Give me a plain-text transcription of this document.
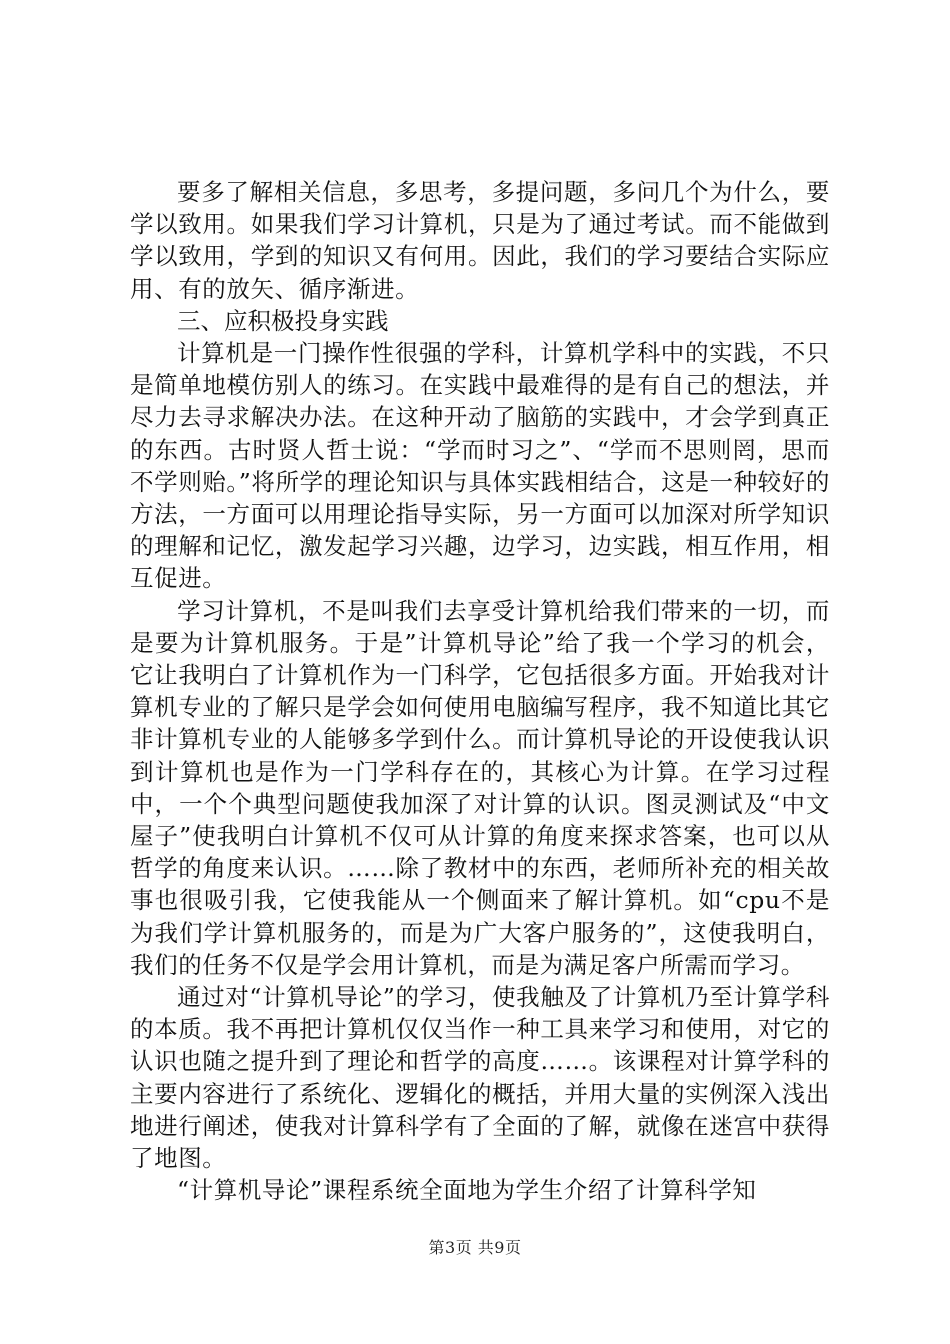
要多了解相关信息，多思考，多提问题，多问几个为什么，要学以致用。如果我们学习计算机，只是为了通过考试。而不能做到学以致用，学到的知识又有何用。因此，我们的学习要结合实际应用、有的放矢、循序渐进。

三、应积极投身实践

计算机是一门操作性很强的学科，计算机学科中的实践，不只是简单地模仿别人的练习。在实践中最难得的是有自己的想法，并尽力去寻求解决办法。在这种开动了脑筋的实践中，才会学到真正的东西。古时贤人哲士说：“学而时习之”、“学而不思则罔，思而不学则贻。”将所学的理论知识与具体实践相结合，这是一种较好的方法，一方面可以用理论指导实际，另一方面可以加深对所学知识的理解和记忆，激发起学习兴趣，边学习，边实践，相互作用，相互促进。

学习计算机，不是叫我们去享受计算机给我们带来的一切，而是要为计算机服务。于是”计算机导论”给了我一个学习的机会，它让我明白了计算机作为一门科学，它包括很多方面。开始我对计算机专业的了解只是学会如何使用电脑编写程序，我不知道比其它非计算机专业的人能够多学到什么。而计算机导论的开设使我认识到计算机也是作为一门学科存在的，其核心为计算。在学习过程中，一个个典型问题使我加深了对计算的认识。图灵测试及“中文屋子”使我明白计算机不仅可从计算的角度来探求答案，也可以从哲学的角度来认识。……除了教材中的东西，老师所补充的相关故事也很吸引我，它使我能从一个侧面来了解计算机。如“cpu不是为我们学计算机服务的，而是为广大客户服务的”，这使我明白，我们的任务不仅是学会用计算机，而是为满足客户所需而学习。

通过对“计算机导论”的学习，使我触及了计算机乃至计算学科的本质。我不再把计算机仅仅当作一种工具来学习和使用，对它的认识也随之提升到了理论和哲学的高度……。该课程对计算学科的主要内容进行了系统化、逻辑化的概括，并用大量的实例深入浅出地进行阐述，使我对计算科学有了全面的了解，就像在迷宫中获得了地图。

“计算机导论”课程系统全面地为学生介绍了计算科学知

第3页 共9页
